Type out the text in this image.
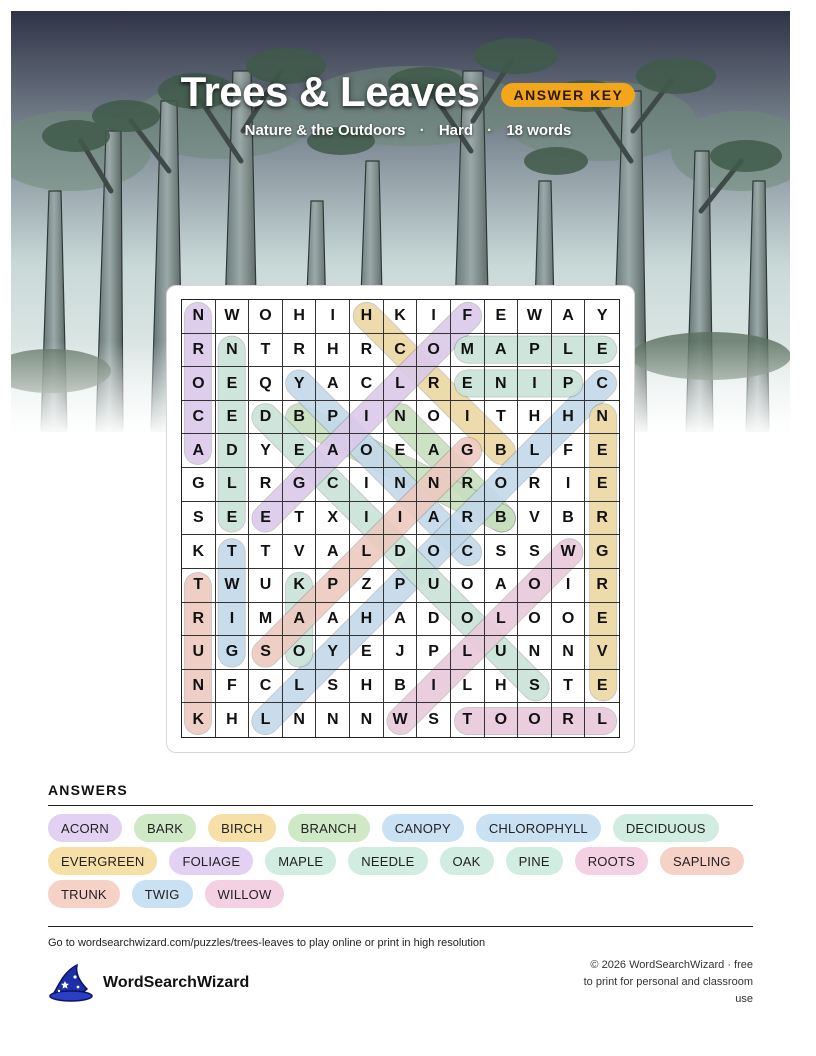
Trees & Leaves	ANSWER KEY
Nature & the Outdoors · Hard · 18 words
N	W	O	H	I	H	K	I	F	E	W	A	Y
R	N	T	R	H	R	C	O	M	A	P	L	E
O	E	Q	Y	A	C	L	R	E	N	I	P	C
C	E	D	B	P	I	N	O	I	T	H	H	N
A	D	Y	E	A	O	E	A	G	B	L	F	E
G	L	R	G	C	I	N	N	R	O	R	I	E
S	E	E	T	X	I	I	A	R	B	V	B	R
K	T	T	V	A	L	D	O	C	S	S	W	G
T	W	U	K	P	Z	P	U	O	A	O	I	R
R	I	M	A	A	H	A	D	O	L	O	O	E
U	G	S	O	Y	E	J	P	L	U	N	N	V
N	F	C	L	S	H	B	I	L	H	S	T	E
K	H	L	N	N	N	W	S	T	O	O	R	L
ANSWERS
ACORN	BARK	BIRCH	BRANCH	CANOPY	CHLOROPHYLL	DECIDUOUS
EVERGREEN	FOLIAGE	MAPLE	NEEDLE	OAK	PINE	ROOTS	SAPLING
TRUNK	TWIG	WILLOW
Go to wordsearchwizard.com/puzzles/trees-leaves to play online or print in high resolution
WordSearchWizard
© 2026 WordSearchWizard · free to print for personal and classroom use
